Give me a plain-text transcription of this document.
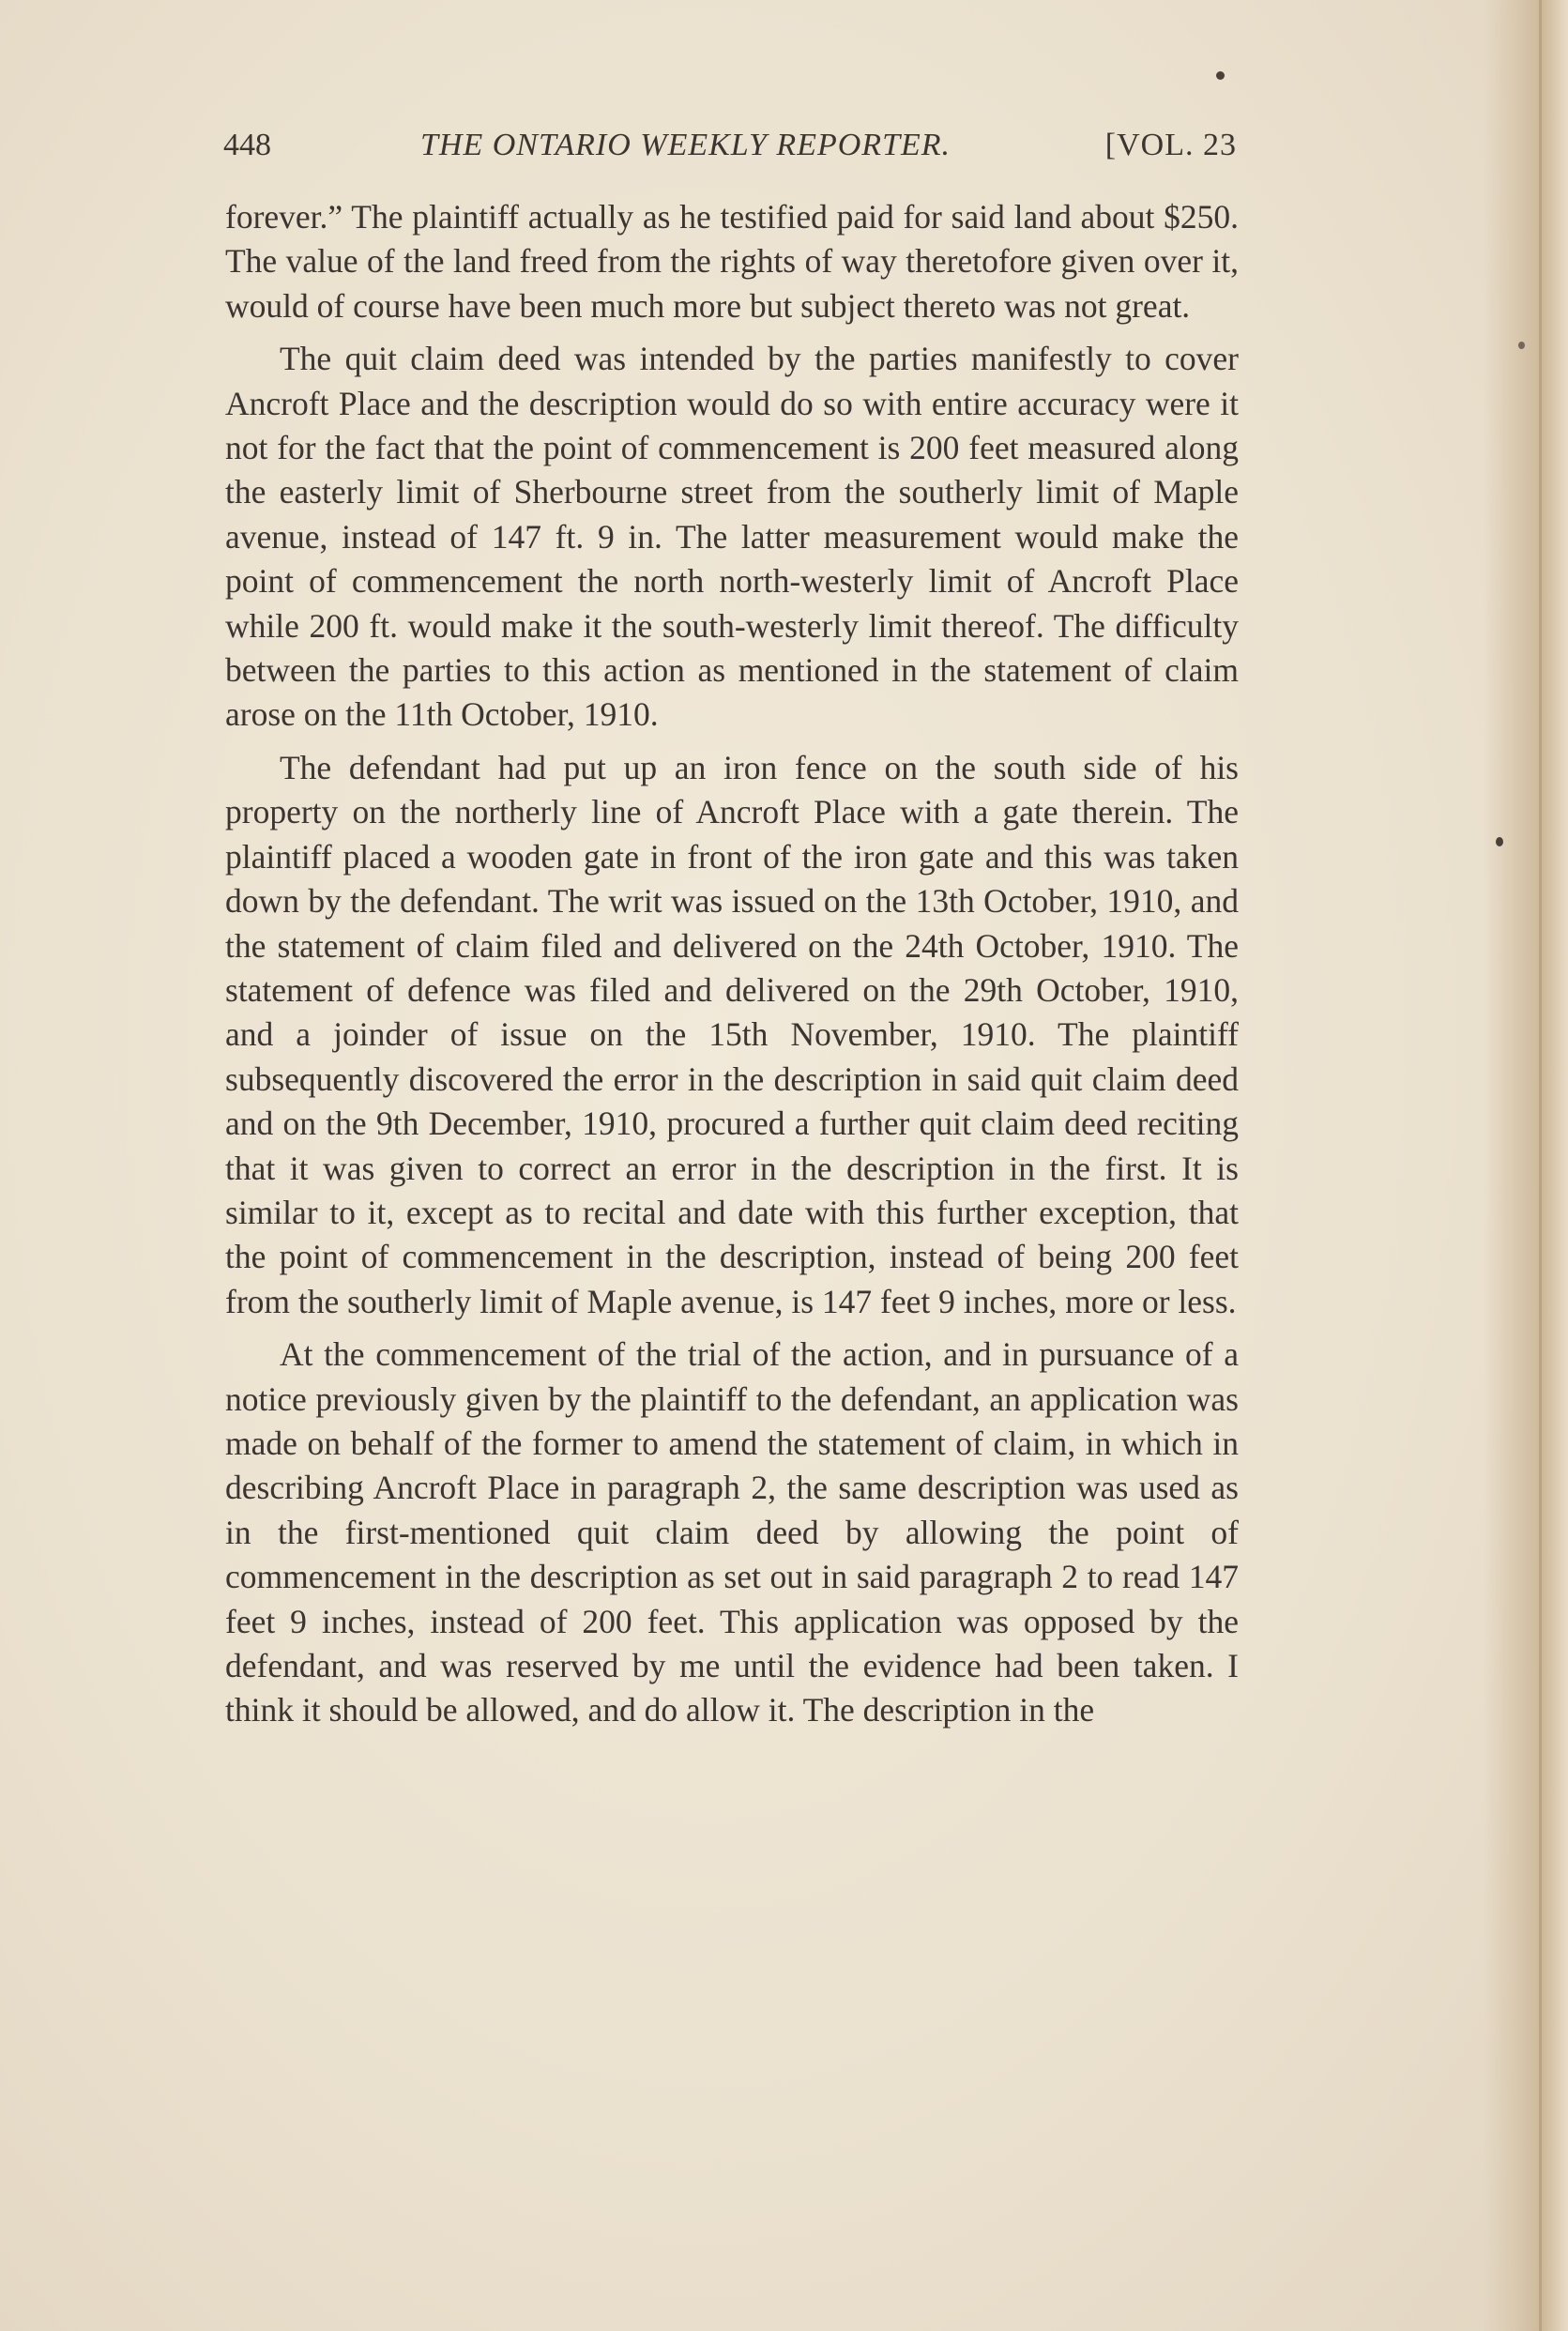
448	THE ONTARIO WEEKLY REPORTER.	[VOL. 23

forever.” The plaintiff actually as he testified paid for said land about $250. The value of the land freed from the rights of way theretofore given over it, would of course have been much more but subject thereto was not great.

The quit claim deed was intended by the parties manifestly to cover Ancroft Place and the description would do so with entire accuracy were it not for the fact that the point of commencement is 200 feet measured along the easterly limit of Sherbourne street from the southerly limit of Maple avenue, instead of 147 ft. 9 in. The latter measurement would make the point of commencement the north north-westerly limit of Ancroft Place while 200 ft. would make it the south-westerly limit thereof. The difficulty between the parties to this action as mentioned in the statement of claim arose on the 11th October, 1910.

The defendant had put up an iron fence on the south side of his property on the northerly line of Ancroft Place with a gate therein. The plaintiff placed a wooden gate in front of the iron gate and this was taken down by the defendant. The writ was issued on the 13th October, 1910, and the statement of claim filed and delivered on the 24th October, 1910. The statement of defence was filed and delivered on the 29th October, 1910, and a joinder of issue on the 15th November, 1910. The plaintiff subsequently discovered the error in the description in said quit claim deed and on the 9th December, 1910, procured a further quit claim deed reciting that it was given to correct an error in the description in the first. It is similar to it, except as to recital and date with this further exception, that the point of commencement in the description, instead of being 200 feet from the southerly limit of Maple avenue, is 147 feet 9 inches, more or less.

At the commencement of the trial of the action, and in pursuance of a notice previously given by the plaintiff to the defendant, an application was made on behalf of the former to amend the statement of claim, in which in describing Ancroft Place in paragraph 2, the same description was used as in the first-mentioned quit claim deed by allowing the point of commencement in the description as set out in said paragraph 2 to read 147 feet 9 inches, instead of 200 feet. This application was opposed by the defendant, and was reserved by me until the evidence had been taken. I think it should be allowed, and do allow it. The description in the
